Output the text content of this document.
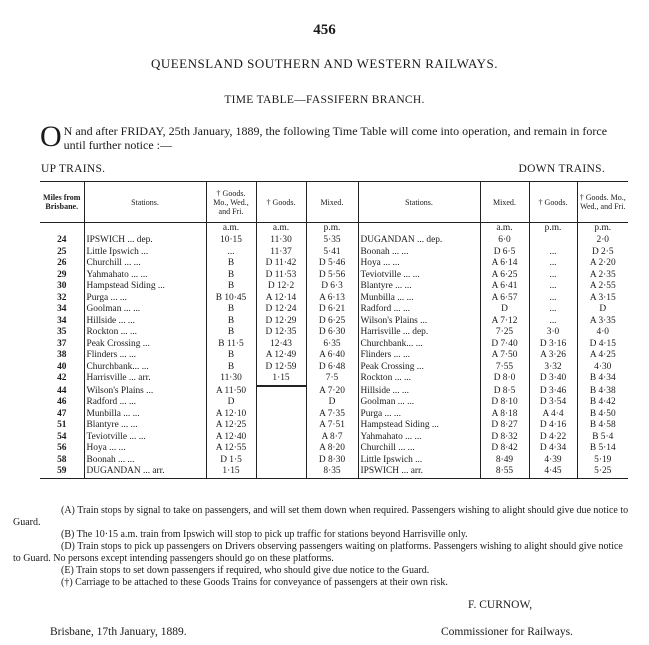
456
QUEENSLAND SOUTHERN AND WESTERN RAILWAYS.
TIME TABLE—FASSIFERN BRANCH.
O N and after FRIDAY, 25th January, 1889, the following Time Table will come into operation, and remain in force until further notice :—
UP TRAINS.	DOWN TRAINS.
Miles from Brisbane.	Stations.	† Goods. Mo., Wed., and Fri.	† Goods.	Mixed.	Stations.	Mixed.	† Goods.	† Goods. Mo., Wed., and Fri.
		a.m.	a.m.	p.m.		a.m.	p.m.	p.m.
24	IPSWICH ... dep.	10·15	11·30	5·35	DUGANDAN ... dep.	6·0		2·0
25	Little Ipswich ...	...	11·37	5·41	Boonah ... ...	D 6·5	...	D 2·5
26	Churchill ... ...	B	D 11·42	D 5·46	Hoya ... ...	A 6·14	...	A 2·20
29	Yahmahato ... ...	B	D 11·53	D 5·56	Teviotville ... ...	A 6·25	...	A 2·35
30	Hampstead Siding ...	B	D 12·2	D 6·3	Blantyre ... ...	A 6·41	...	A 2·55
32	Purga ... ...	B 10·45	A 12·14	A 6·13	Munbilla ... ...	A 6·57	...	A 3·15
34	Goolman ... ...	B	D 12·24	D 6·21	Radford ... ...	D	...	D
34	Hillside ... ...	B	D 12·29	D 6·25	Wilson's Plains ...	A 7·12	...	A 3·35
35	Rockton ... ...	B	D 12·35	D 6·30	Harrisville ... dep.	7·25	3·0	4·0
37	Peak Crossing ...	B 11·5	12·43	6·35	Churchbank... ...	D 7·40	D 3·16	D 4·15
38	Flinders ... ...	B	A 12·49	A 6·40	Flinders ... ...	A 7·50	A 3·26	A 4·25
40	Churchbank... ...	B	D 12·59	D 6·48	Peak Crossing ...	7·55	3·32	4·30
42	Harrisville ... arr.	11·30	1·15	7·5	Rockton ... ...	D 8·0	D 3·40	B 4·34
44	Wilson's Plains ...	A 11·50		A 7·20	Hillside ... ...	D 8·5	D 3·46	B 4·38
46	Radford ... ...	D		D	Goolman ... ...	D 8·10	D 3·54	B 4·42
47	Munbilla ... ...	A 12·10		A 7·35	Purga ... ...	A 8·18	A 4·4	B 4·50
51	Blantyre ... ...	A 12·25		A 7·51	Hampstead Siding ...	D 8·27	D 4·16	B 4·58
54	Teviotville ... ...	A 12·40		A 8·7	Yahmahato ... ...	D 8·32	D 4·22	B 5·4
56	Hoya ... ...	A 12·55		A 8·20	Churchill ... ...	D 8·42	D 4·34	B 5·14
58	Boonah ... ...	D 1·5		D 8·30	Little Ipswich ...	8·49	4·39	5·19
59	DUGANDAN ... arr.	1·15		8·35	IPSWICH ... arr.	8·55	4·45	5·25

(A) Train stops by signal to take on passengers, and will set them down when required. Passengers wishing to alight should give due notice to Guard.

(B) The 10·15 a.m. train from Ipswich will stop to pick up traffic for stations beyond Harrisville only.

(D) Train stops to pick up passengers on Drivers observing passengers waiting on platforms. Passengers wishing to alight should give notice to Guard. No persons except intending passengers should go on these platforms.

(E) Train stops to set down passengers if required, who should give due notice to the Guard.

(†) Carriage to be attached to these Goods Trains for conveyance of passengers at their own risk.

F. CURNOW,
Commissioner for Railways.
Brisbane, 17th January, 1889.
